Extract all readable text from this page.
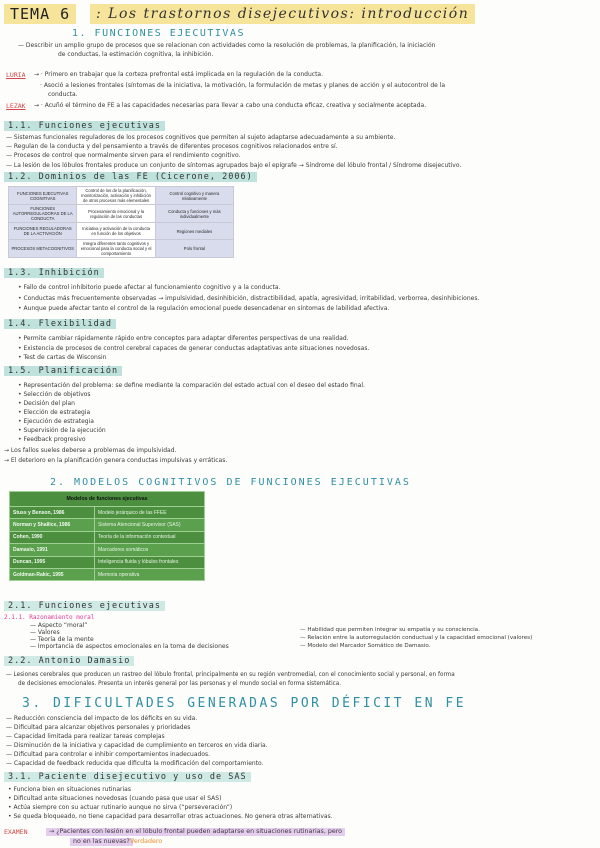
TEMA 6	: Los trastornos disejecutivos: introducción
1. FUNCIONES EJECUTIVAS
— Describir un amplio grupo de procesos que se relacionan con actividades como la resolución de problemas, la planificación, la iniciación
de conductas, la estimación cognitiva, la inhibición.
LURIA → · Primero en trabajar que la corteza prefrontal está implicada en la regulación de la conducta.
· Asoció a lesiones frontales (síntomas de la iniciativa, la motivación, la formulación de metas y planes de acción y el autocontrol de la
conducta.
LEZAK → · Acuñó el término de FE a las capacidades necesarias para llevar a cabo una conducta eficaz, creativa y socialmente aceptada.
1.1. Funciones ejecutivas
— Sistemas funcionales reguladores de los procesos cognitivos que permiten al sujeto adaptarse adecuadamente a su ambiente.
— Regulan de la conducta y del pensamiento a través de diferentes procesos cognitivos relacionados entre sí.
— Procesos de control que normalmente sirven para el rendimiento cognitivo.
— La lesión de los lóbulos frontales produce un conjunto de síntomas agrupados bajo el epígrafe → Síndrome del lóbulo frontal / Síndrome disejecutivo.
1.2. Dominios de las FE (Cicerone, 2006)
FUNCIONES EJECUTIVAS COGNITIVAS	Control de los de la planificación, monitorización, activación y inhibición de otros procesos más elementales	Control cognitivo y manera relativamente
FUNCIONES AUTORREGULADORAS DE LA CONDUCTA	Procesamiento emocional y la regulación de las conductas	Conducta y funciones y más individualmente
FUNCIONES REGULADORAS DE LA ACTIVACIÓN	Iniciativa y activación de la conducta en función de los objetivos	Regiones mediales
PROCESOS METACOGNITIVOS	Integra diferentes tanto cognitivos y emocional para la conducta social y el comportamiento	Polo frontal
1.3. Inhibición
• Fallo de control inhibitorio puede afectar al funcionamiento cognitivo y a la conducta.
• Conductas más frecuentemente observadas → impulsividad, desinhibición, distractibilidad, apatía, agresividad, irritabilidad, verborrea, desinhibiciones.
• Aunque puede afectar tanto el control de la regulación emocional puede desencadenar en síntomas de labilidad afectiva.
1.4. Flexibilidad
• Permite cambiar rápidamente rápido entre conceptos para adaptar diferentes perspectivas de una realidad.
• Existencia de procesos de control cerebral capaces de generar conductas adaptativas ante situaciones novedosas.
• Test de cartas de Wisconsin
1.5. Planificación
• Representación del problema: se define mediante la comparación del estado actual con el deseo del estado final.
• Selección de objetivos
• Decisión del plan
• Elección de estrategia
• Ejecución de estrategia
• Supervisión de la ejecución
• Feedback progresivo
→ Los fallos sueles deberse a problemas de impulsividad.
→ El deterioro en la planificación genera conductas impulsivas y erráticas.
2. MODELOS COGNITIVOS DE FUNCIONES EJECUTIVAS
Modelos de funciones ejecutivas	
Stuss y Benson, 1986	Modelo jerárquico de las FFEE
Norman y Shallice, 1986	Sistema Atencional Supervisor (SAS)
Cohen, 1990	Teoría de la información contextual
Damasio, 1991	Marcadores somáticos
Duncan, 1995	Inteligencia fluida y lóbulos frontales
Goldman-Rakic, 1995	Memoria operativa
2.1. Funciones ejecutivas
2.1.1. Razonamiento moral
— Aspecto “moral”
— Valores
— Teoría de la mente
— Importancia de aspectos emocionales en la toma de decisiones
— Habilidad que permiten integrar su empatía y su consciencia.
— Relación entre la autorregulación conductual y la capacidad emocional (valores)
— Modelo del Marcador Somático de Damasio.
2.2. Antonio Damasio
— Lesiones cerebrales que producen un rastreo del lóbulo frontal, principalmente en su región ventromedial, con el conocimiento social y personal, en forma
de decisiones emocionales. Presenta un interés general por las personas y el mundo social en forma sistemática.
3. DIFICULTADES GENERADAS POR DÉFICIT EN FE
— Reducción consciencia del impacto de los déficits en su vida.
— Dificultad para alcanzar objetivos personales y prioridades
— Capacidad limitada para realizar tareas complejas
— Disminución de la iniciativa y capacidad de cumplimiento en terceros en vida diaria.
— Dificultad para controlar e inhibir comportamientos inadecuados.
— Capacidad de feedback reducida que dificulta la modificación del comportamiento.
3.1. Paciente disejecutivo y uso de SAS
• Funciona bien en situaciones rutinarias
• Dificultad ante situaciones novedosas (cuando pasa que usar el SAS)
• Actúa siempre con su actuar rutinario aunque no sirva (“perseveración”)
• Se queda bloqueado, no tiene capacidad para desarrollar otras actuaciones. No genera otras alternativas.
EXAMEN	→ ¿Pacientes con lesión en el lóbulo frontal pueden adaptarse en situaciones rutinarias, pero
no en las nuevas? Verdadero
